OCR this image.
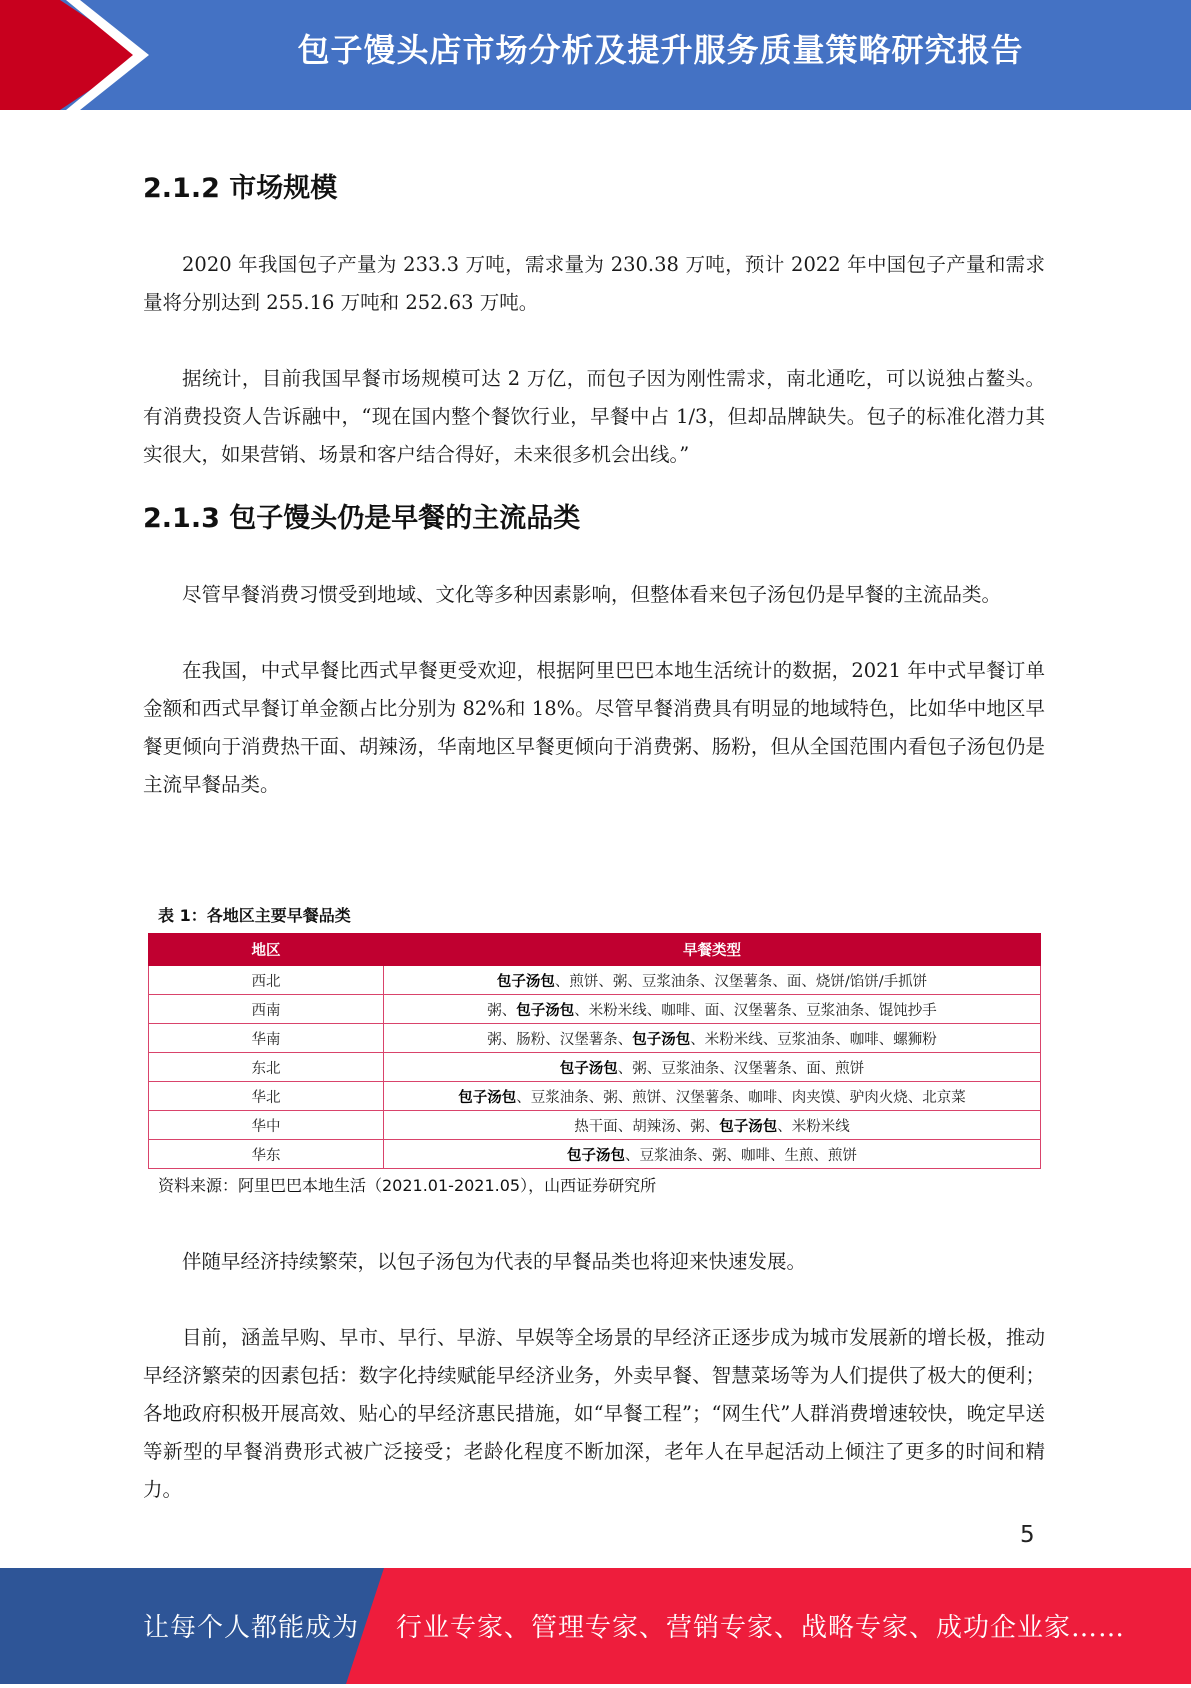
包子馒头店市场分析及提升服务质量策略研究报告
2.1.2 市场规模

2020 年我国包子产量为 233.3 万吨，需求量为 230.38 万吨，预计 2022 年中国包子产量和需求量将分别达到 255.16 万吨和 252.63 万吨。

据统计，目前我国早餐市场规模可达 2 万亿，而包子因为刚性需求，南北通吃，可以说独占鳌头。有消费投资人告诉融中，“现在国内整个餐饮行业，早餐中占 1/3，但却品牌缺失。包子的标准化潜力其实很大，如果营销、场景和客户结合得好，未来很多机会出线。”

2.1.3 包子馒头仍是早餐的主流品类

尽管早餐消费习惯受到地域、文化等多种因素影响，但整体看来包子汤包仍是早餐的主流品类。

在我国，中式早餐比西式早餐更受欢迎，根据阿里巴巴本地生活统计的数据，2021 年中式早餐订单金额和西式早餐订单金额占比分别为 82%和 18%。尽管早餐消费具有明显的地域特色，比如华中地区早餐更倾向于消费热干面、胡辣汤，华南地区早餐更倾向于消费粥、肠粉，但从全国范围内看包子汤包仍是主流早餐品类。

表 1：各地区主要早餐品类
地区	早餐类型
西北	包子汤包、煎饼、粥、豆浆油条、汉堡薯条、面、烧饼/馅饼/手抓饼
西南	粥、包子汤包、米粉米线、咖啡、面、汉堡薯条、豆浆油条、馄饨抄手
华南	粥、肠粉、汉堡薯条、包子汤包、米粉米线、豆浆油条、咖啡、螺狮粉
东北	包子汤包、粥、豆浆油条、汉堡薯条、面、煎饼
华北	包子汤包、豆浆油条、粥、煎饼、汉堡薯条、咖啡、肉夹馍、驴肉火烧、北京菜
华中	热干面、胡辣汤、粥、包子汤包、米粉米线
华东	包子汤包、豆浆油条、粥、咖啡、生煎、煎饼
资料来源：阿里巴巴本地生活（2021.01-2021.05），山西证券研究所

伴随早经济持续繁荣，以包子汤包为代表的早餐品类也将迎来快速发展。

目前，涵盖早购、早市、早行、早游、早娱等全场景的早经济正逐步成为城市发展新的增长极，推动早经济繁荣的因素包括：数字化持续赋能早经济业务，外卖早餐、智慧菜场等为人们提供了极大的便利；各地政府积极开展高效、贴心的早经济惠民措施，如“早餐工程”；“网生代”人群消费增速较快，晚定早送等新型的早餐消费形式被广泛接受；老龄化程度不断加深，老年人在早起活动上倾注了更多的时间和精力。

5
让每个人都能成为 行业专家、管理专家、营销专家、战略专家、成功企业家……
